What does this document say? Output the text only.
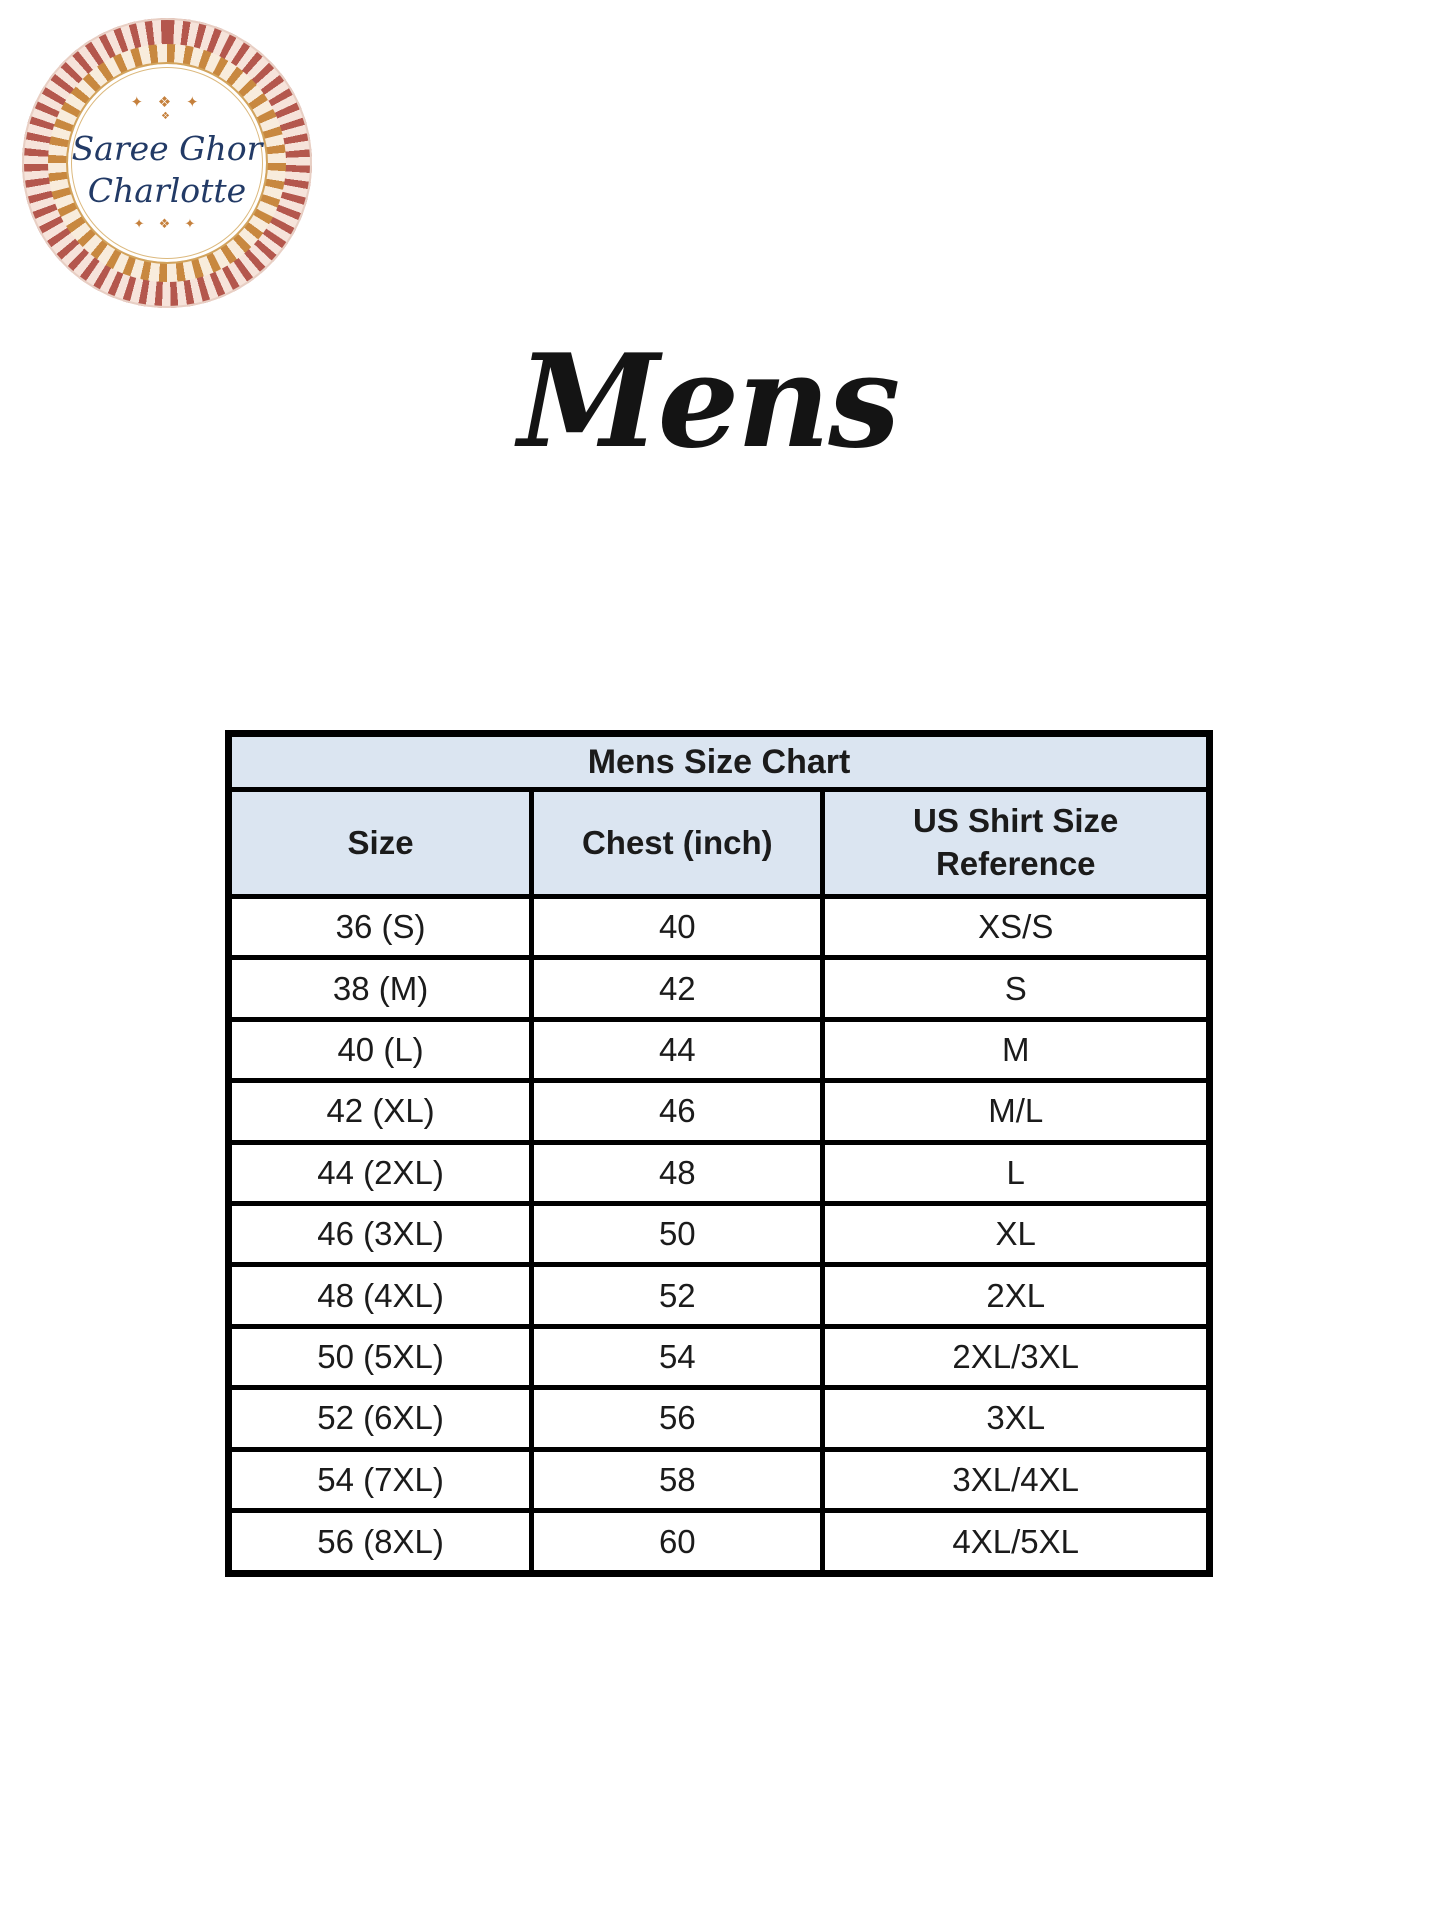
✦ ❖ ✦
❖
Saree Ghor
Charlotte
✦ ❖ ✦
Mens
Mens Size Chart		
Size	Chest (inch)	US Shirt Size Reference
36 (S)	40	XS/S
38 (M)	42	S
40 (L)	44	M
42 (XL)	46	M/L
44 (2XL)	48	L
46 (3XL)	50	XL
48 (4XL)	52	2XL
50 (5XL)	54	2XL/3XL
52 (6XL)	56	3XL
54 (7XL)	58	3XL/4XL
56 (8XL)	60	4XL/5XL
